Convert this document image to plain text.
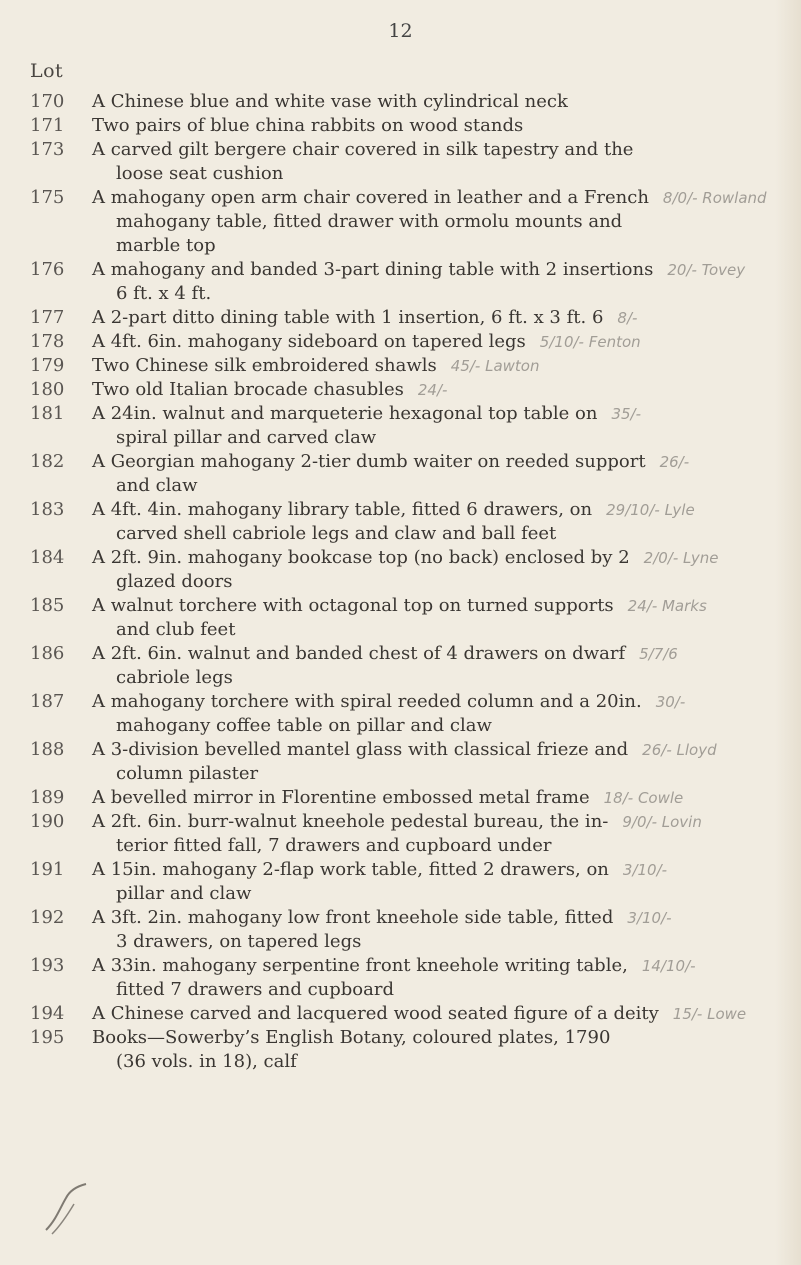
12
Lot
170	A Chinese blue and white vase with cylindrical neck
171	Two pairs of blue china rabbits on wood stands
173	A carved gilt bergere chair covered in silk tapestry and the
loose seat cushion
175	A mahogany open arm chair covered in leather and a French 8/0/- Rowland
mahogany table, fitted drawer with ormolu mounts and
marble top
176	A mahogany and banded 3-part dining table with 2 insertions 20/- Tovey
6 ft. x 4 ft.
177	A 2-part ditto dining table with 1 insertion, 6 ft. x 3 ft. 6 8/-
178	A 4ft. 6in. mahogany sideboard on tapered legs 5/10/- Fenton
179	Two Chinese silk embroidered shawls 45/- Lawton
180	Two old Italian brocade chasubles 24/-
181	A 24in. walnut and marqueterie hexagonal top table on 35/-
spiral pillar and carved claw
182	A Georgian mahogany 2-tier dumb waiter on reeded support 26/-
and claw
183	A 4ft. 4in. mahogany library table, fitted 6 drawers, on 29/10/- Lyle
carved shell cabriole legs and claw and ball feet
184	A 2ft. 9in. mahogany bookcase top (no back) enclosed by 2 2/0/- Lyne
glazed doors
185	A walnut torchere with octagonal top on turned supports 24/- Marks
and club feet
186	A 2ft. 6in. walnut and banded chest of 4 drawers on dwarf 5/7/6
cabriole legs
187	A mahogany torchere with spiral reeded column and a 20in. 30/-
mahogany coffee table on pillar and claw
188	A 3-division bevelled mantel glass with classical frieze and 26/- Lloyd
column pilaster
189	A bevelled mirror in Florentine embossed metal frame 18/- Cowle
190	A 2ft. 6in. burr-walnut kneehole pedestal bureau, the in- 9/0/- Lovin
terior fitted fall, 7 drawers and cupboard under
191	A 15in. mahogany 2-flap work table, fitted 2 drawers, on 3/10/-
pillar and claw
192	A 3ft. 2in. mahogany low front kneehole side table, fitted 3/10/-
3 drawers, on tapered legs
193	A 33in. mahogany serpentine front kneehole writing table, 14/10/-
fitted 7 drawers and cupboard
194	A Chinese carved and lacquered wood seated figure of a deity 15/- Lowe
195	Books—Sowerby’s English Botany, coloured plates, 1790
(36 vols. in 18), calf
